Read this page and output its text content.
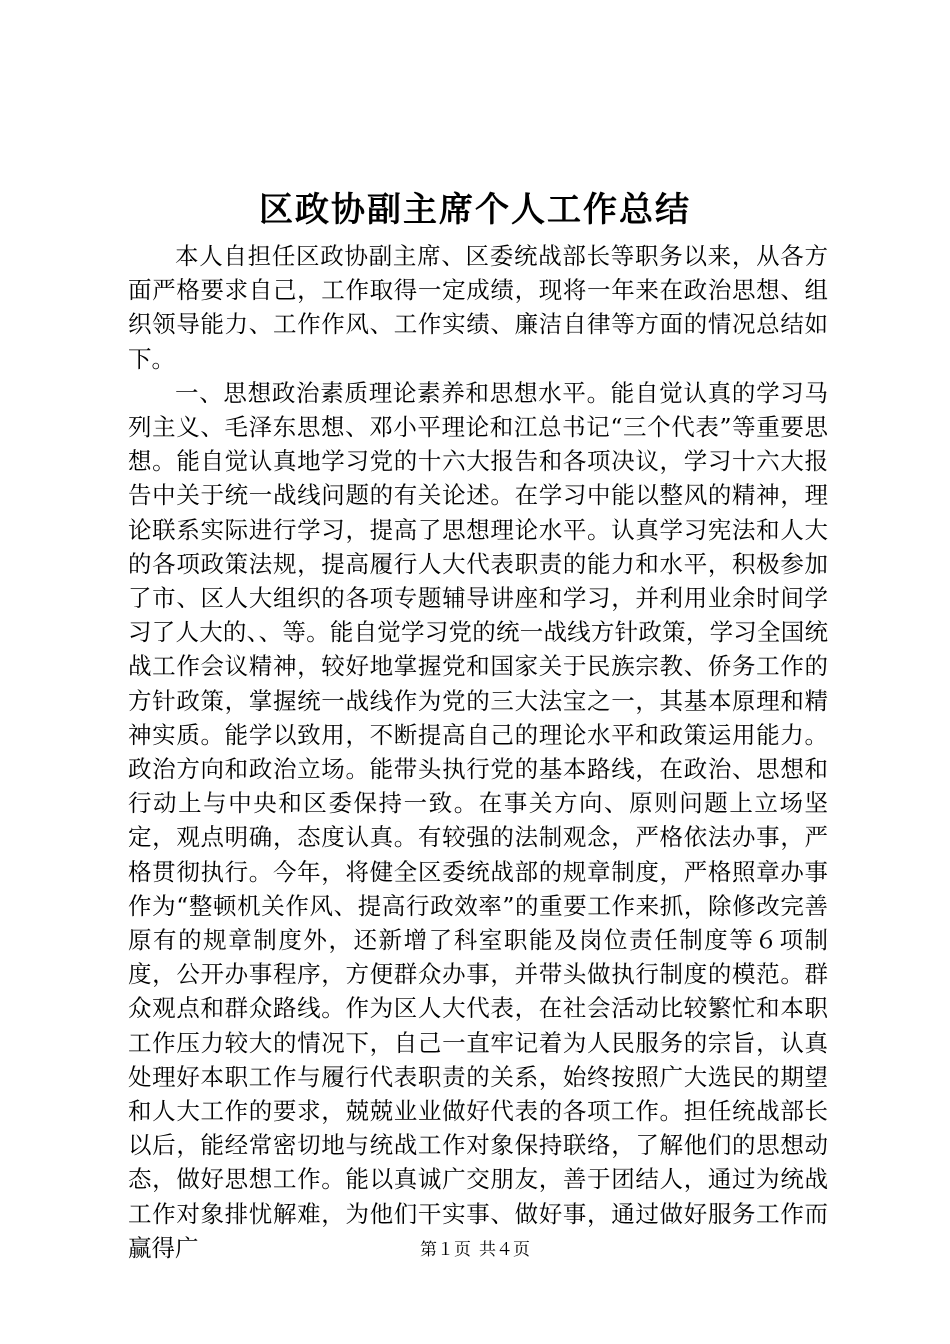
区政协副主席个人工作总结

本人自担任区政协副主席、区委统战部长等职务以来，从各方面严格要求自己，工作取得一定成绩，现将一年来在政治思想、组织领导能力、工作作风、工作实绩、廉洁自律等方面的情况总结如下。

一、思想政治素质理论素养和思想水平。能自觉认真的学习马列主义、毛泽东思想、邓小平理论和江总书记“三个代表”等重要思想。能自觉认真地学习党的十六大报告和各项决议，学习十六大报告中关于统一战线问题的有关论述。在学习中能以整风的精神，理论联系实际进行学习，提高了思想理论水平。认真学习宪法和人大的各项政策法规，提高履行人大代表职责的能力和水平，积极参加了市、区人大组织的各项专题辅导讲座和学习，并利用业余时间学习了人大的、、等。能自觉学习党的统一战线方针政策，学习全国统战工作会议精神，较好地掌握党和国家关于民族宗教、侨务工作的方针政策，掌握统一战线作为党的三大法宝之一，其基本原理和精神实质。能学以致用，不断提高自己的理论水平和政策运用能力。政治方向和政治立场。能带头执行党的基本路线，在政治、思想和行动上与中央和区委保持一致。在事关方向、原则问题上立场坚定，观点明确，态度认真。有较强的法制观念，严格依法办事，严格贯彻执行。今年，将健全区委统战部的规章制度，严格照章办事作为“整顿机关作风、提高行政效率”的重要工作来抓，除修改完善原有的规章制度外，还新增了科室职能及岗位责任制度等６项制度，公开办事程序，方便群众办事，并带头做执行制度的模范。群众观点和群众路线。作为区人大代表，在社会活动比较繁忙和本职工作压力较大的情况下，自己一直牢记着为人民服务的宗旨，认真处理好本职工作与履行代表职责的关系，始终按照广大选民的期望和人大工作的要求，兢兢业业做好代表的各项工作。担任统战部长以后，能经常密切地与统战工作对象保持联络，了解他们的思想动态，做好思想工作。能以真诚广交朋友，善于团结人，通过为统战工作对象排忧解难，为他们干实事、做好事，通过做好服务工作而赢得广	第１页 共４页
